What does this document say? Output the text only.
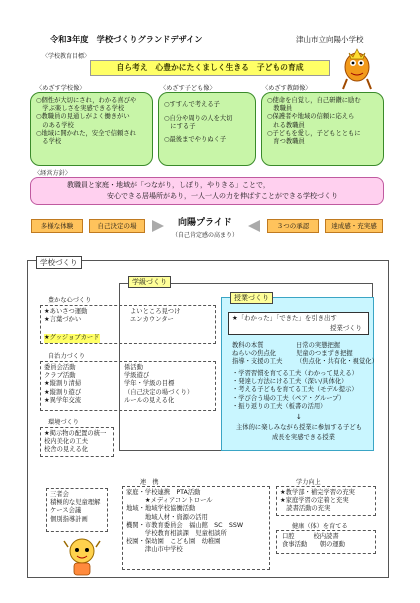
令和3年度　学校づくりグランドデザイン	津山市立向陽小学校
〈学校教育目標〉
自ら考え　心豊かにたくましく生きる　子どもの育成
〈めざす学校像〉	〈めざす子ども像〉	〈めざす教師像〉
○個性が大切にされ，わかる喜びや
　学ぶ楽しさを実感できる学校
○教職員の見通しがよく働きがい
　のある学校
○地域に開かれた，安全で信頼され
　る学校
○すすんで考える子
○自分や周りの人を大切
　にする子
○最後までやりぬく子
○使命を自覚し，自己研鑽に励む
　教職員
○保護者や地域の信頼に応えら
　れる教職員
○子どもを愛し，子どもとともに
　育つ教職員
〈経営方針〉
教職員と家庭・地域が「つながり，しぼり，やりきる」ことで，
安心できる居場所があり，一人一人の力を伸ばすことができる学校づくり
多様な体験	自己決定の場	向陽プライド
（自己肯定感の高まり）
３つの承認	達成感・充実感
学校づくり
学級づくり
授業づくり
豊かな心づくり
★あいさつ運動
★言葉づかい
★グッジョブカード
よいところ見つけ
エンカウンター
自治力づくり
委員会活動
クラブ活動
★縦割り清掃
★縦割り遊び
★異学年交流
係活動
学級遊び
学年・学級の目標
（自己決定の場づくり）
ルールの見える化
環境づくり
★掲示物の配置の統一
校内美化の工夫
校舎の見える化
★「わかった」「できた」を引き出す
授業づくり
教科の本質
ねらいの焦点化
指導・支援の工夫
日常の実態把握
児童のつまずき把握
（焦点化・共有化・視覚化）
・学習習慣を育てる工夫（わかって見える）
・発達し方法にける工夫（深い/具体化）
・考える子どもを育てる工夫（モデル提示）
・学び合う場の工夫（ペア・グループ）
・振り返りの工夫（板書の活用）
↓
主体的に楽しみながら授業に参加する子ども
成長を実感できる授業
三者会
積極的な児童理解
ケース会議
個別指導計画
連　携
家庭・学校連携　PTA活動
　　　★メディアコントロール
地域・地域学校協働活動
　　　地域人材・資源の活用
機関・市教育委員会　福山館　SC　SSW
　　　学校教育相談課　児童相談所
校園・保幼園　こども園　幼稚園
　　　津山市中学校
学力向上
★教学部・補完学習の充実
★家庭学習の定着と充実
　読書活動の充実
健康（体）を育てる
口腔　　　校内読書
食事活動　　朝の運動
